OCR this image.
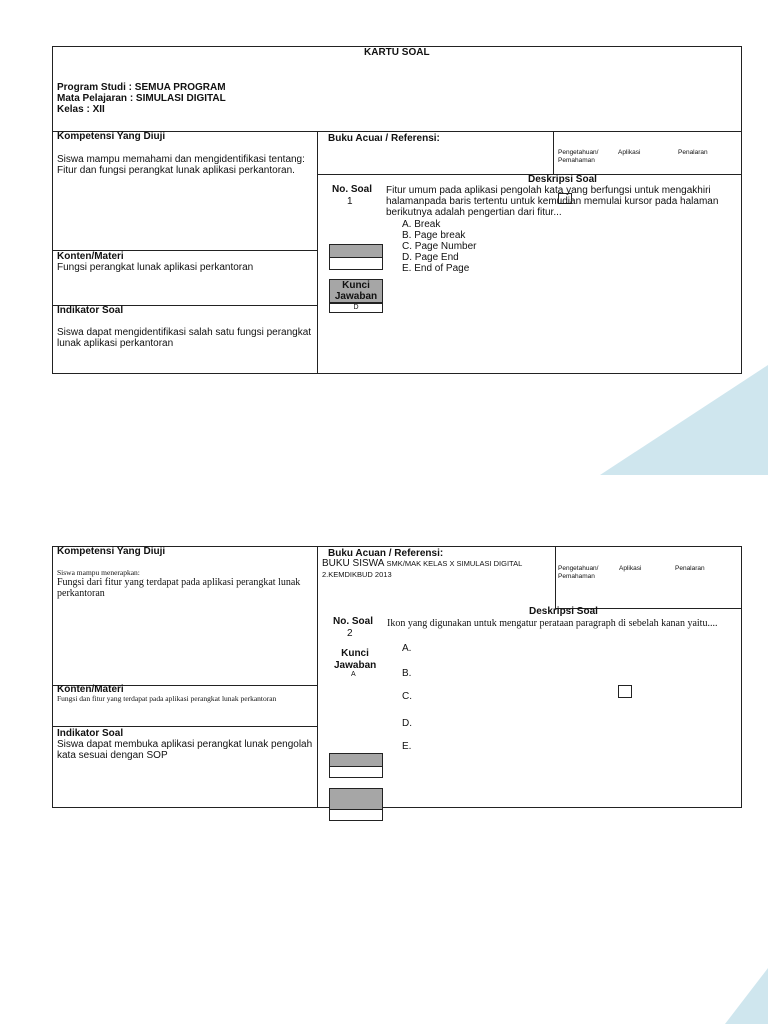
KARTU SOAL
Program Studi : SEMUA PROGRAM
Mata Pelajaran : SIMULASI DIGITAL
Kelas : XII
Kompetensi Yang Diuji
Siswa mampu memahami dan mengidentifikasi tentang:
Fitur dan fungsi perangkat lunak aplikasi perkantoran.
Konten/Materi
Fungsi perangkat lunak aplikasi perkantoran
Indikator Soal
Siswa dapat mengidentifikasi salah satu fungsi perangkat
lunak aplikasi perkantoran
Buku Acuaı / Referensi:
Pengetahuan/
Pemahaman
Aplikasi	Penalaran
Deskripsi Soal
No. Soal
1
Fitur umum pada aplikasi pengolah kata yang berfungsi untuk mengakhiri
halamanpada baris tertentu untuk kemudian memulai kursor pada halaman
berikutnya adalah pengertian dari fitur...
A. Break
B. Page break
C. Page Number
D. Page End
E. End of Page
Kunci
Jawaban
D
Kompetensi Yang Diuji
Siswa mampu menerapkan:
Fungsi dari fitur yang terdapat pada aplikasi perangkat lunak
perkantoran
Konten/Materi
Fungsi dan fitur yang terdapat pada aplikasi perangkat lunak perkantoran
Indikator Soal
Siswa dapat membuka aplikasi perangkat lunak pengolah
kata sesuai dengan SOP
Buku Acuan / Referensi:
BUKU SISWA SMK/MAK KELAS X SIMULASI DIGITAL
2.KEMDIKBUD 2013
Pengetahuan/
Pemahaman
Aplikasi	Penalaran
Deskripsi Soal
No. Soal
2
Ikon yang digunakan untuk mengatur perataan paragraph di sebelah kanan yaitu....
Kunci
Jawaban
A
A.
B.
C.
D.
E.
